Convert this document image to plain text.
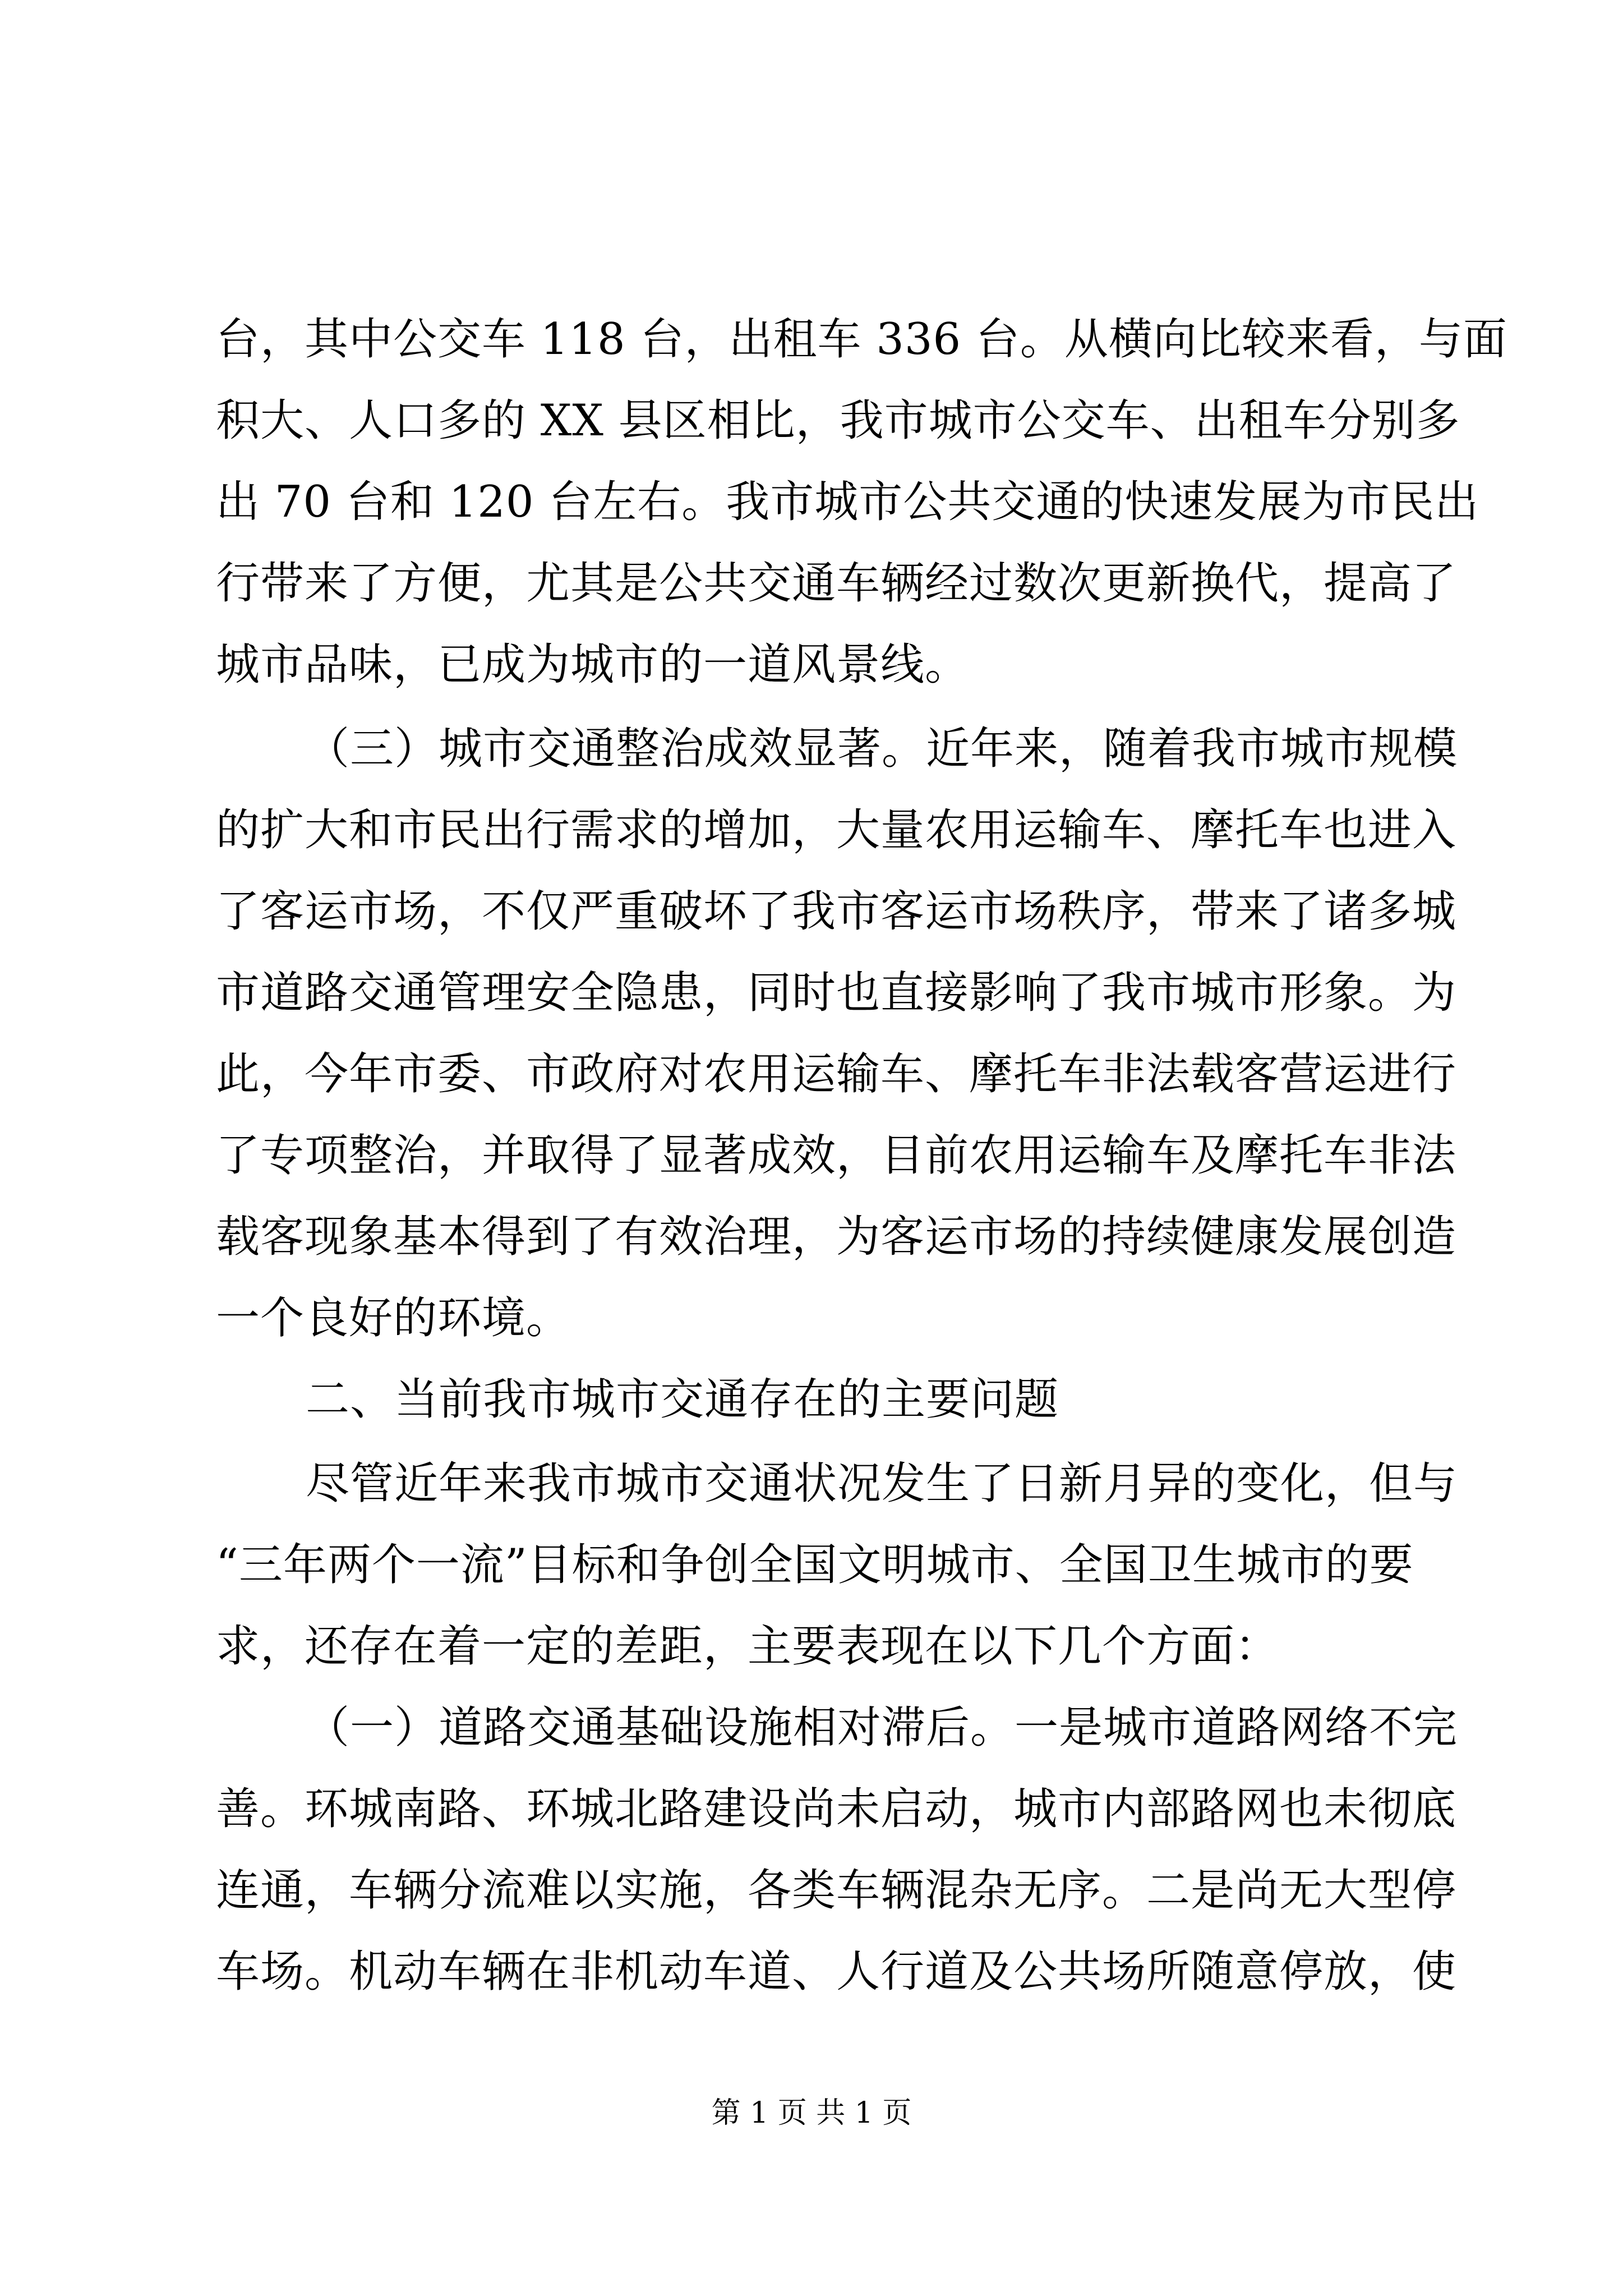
台，其中公交车 118 台，出租车 336 台。从横向比较来看，与面
积大、人口多的 XX 县区相比，我市城市公交车、出租车分别多
出 70 台和 120 台左右。我市城市公共交通的快速发展为市民出
行带来了方便，尤其是公共交通车辆经过数次更新换代，提高了
城市品味，已成为城市的一道风景线。
（三）城市交通整治成效显著。近年来，随着我市城市规模
的扩大和市民出行需求的增加，大量农用运输车、摩托车也进入
了客运市场，不仅严重破坏了我市客运市场秩序，带来了诸多城
市道路交通管理安全隐患，同时也直接影响了我市城市形象。为
此，今年市委、市政府对农用运输车、摩托车非法载客营运进行
了专项整治，并取得了显著成效，目前农用运输车及摩托车非法
载客现象基本得到了有效治理，为客运市场的持续健康发展创造
一个良好的环境。
二、当前我市城市交通存在的主要问题
尽管近年来我市城市交通状况发生了日新月异的变化，但与
“三年两个一流”目标和争创全国文明城市、全国卫生城市的要
求，还存在着一定的差距，主要表现在以下几个方面：
（一）道路交通基础设施相对滞后。一是城市道路网络不完
善。环城南路、环城北路建设尚未启动，城市内部路网也未彻底
连通，车辆分流难以实施，各类车辆混杂无序。二是尚无大型停
车场。机动车辆在非机动车道、人行道及公共场所随意停放，使
第 1 页 共 1 页
